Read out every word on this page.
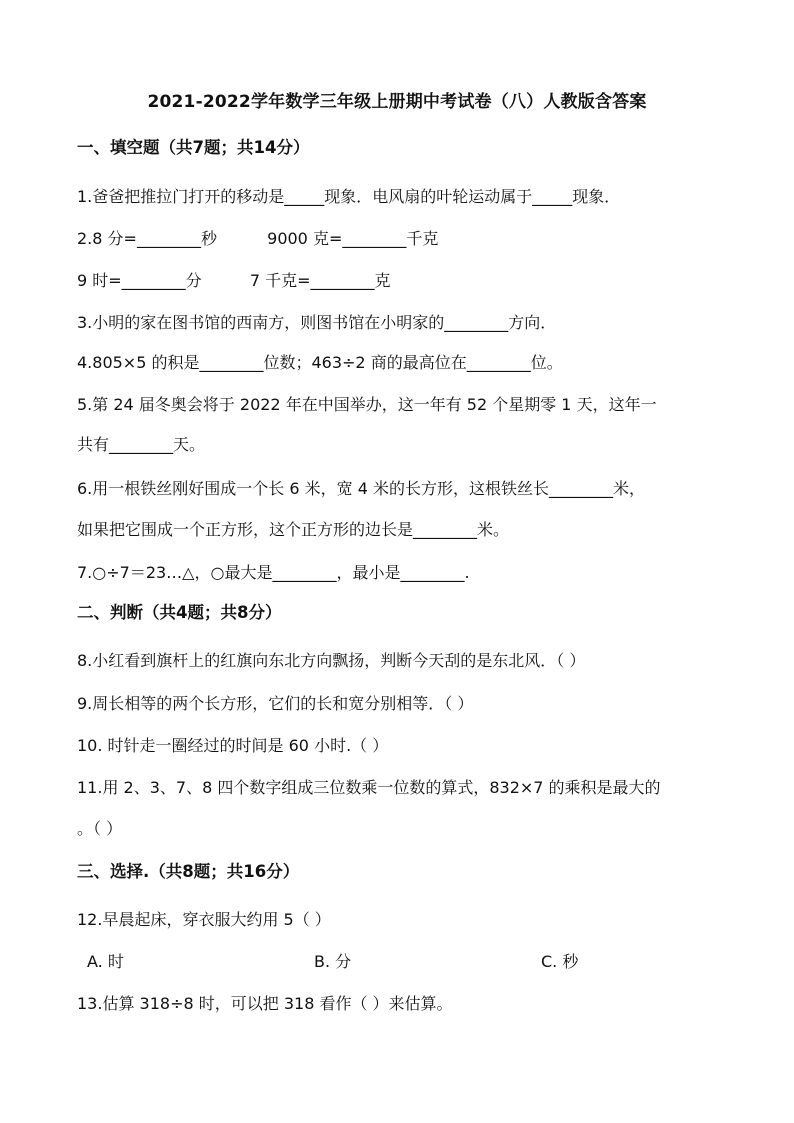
2021-2022学年数学三年级上册期中考试卷（八）人教版含答案
一、填空题（共7题；共14分）
1.爸爸把推拉门打开的移动是_____现象．电风扇的叶轮运动属于_____现象．
2.8 分=________秒	9000 克=________千克
9 时=________分	7 千克=________克
3.小明的家在图书馆的西南方，则图书馆在小明家的________方向．
4.805×5 的积是________位数；463÷2 商的最高位在________位。
5.第 24 届冬奥会将于 2022 年在中国举办，这一年有 52 个星期零 1 天，这年一
共有________天。
6.用一根铁丝刚好围成一个长 6 米，宽 4 米的长方形，这根铁丝长________米，
如果把它围成一个正方形，这个正方形的边长是________米。
7.○÷7＝23…△，○最大是________，最小是________.
二、判断（共4题；共8分）
8.小红看到旗杆上的红旗向东北方向飘扬，判断今天刮的是东北风．（ ）
9.周长相等的两个长方形，它们的长和宽分别相等．（ ）
10. 时针走一圈经过的时间是 60 小时.（ ）
11.用 2、3、7、8 四个数字组成三位数乘一位数的算式，832×7 的乘积是最大的
。（ ）
三、选择.（共8题；共16分）
12.早晨起床，穿衣服大约用 5（ ）
A. 时	B. 分	C. 秒
13.估算 318÷8 时，可以把 318 看作（ ）来估算。
